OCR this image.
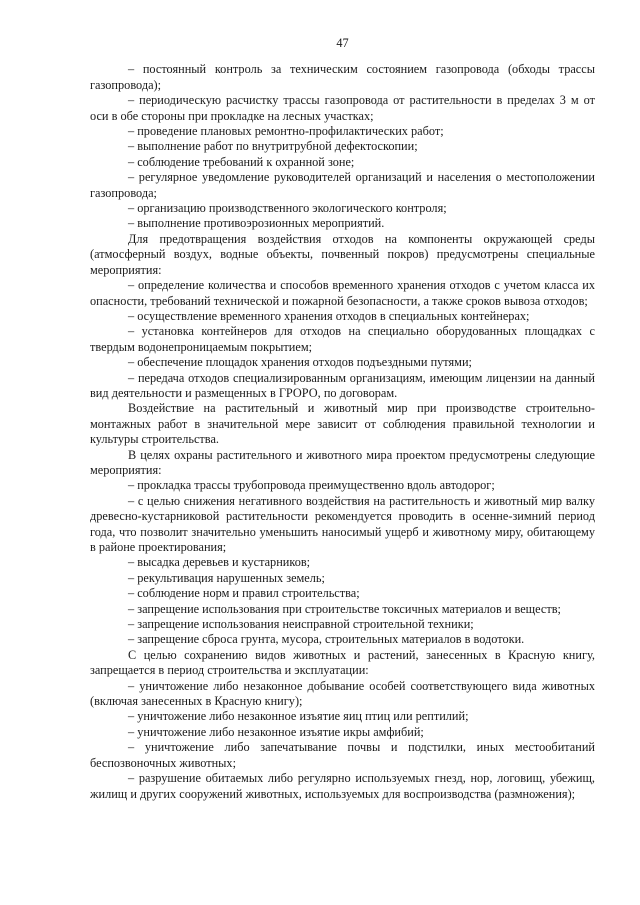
47

– постоянный контроль за техническим состоянием газопровода (обходы трассы газопровода);

– периодическую расчистку трассы газопровода от растительности в пределах 3 м от оси в обе стороны при прокладке на лесных участках;

– проведение плановых ремонтно-профилактических работ;

– выполнение работ по внутритрубной дефектоскопии;

– соблюдение требований к охранной зоне;

– регулярное уведомление руководителей организаций и населения о местоположении газопровода;

– организацию производственного экологического контроля;

– выполнение противоэрозионных мероприятий.

Для предотвращения воздействия отходов на компоненты окружающей среды (атмосферный воздух, водные объекты, почвенный покров) предусмотрены специальные мероприятия:

– определение количества и способов временного хранения отходов с учетом класса их опасности, требований технической и пожарной безопасности, а также сроков вывоза отходов;

– осуществление временного хранения отходов в специальных контейнерах;

– установка контейнеров для отходов на специально оборудованных площадках с твердым водонепроницаемым покрытием;

– обеспечение площадок хранения отходов подъездными путями;

– передача отходов специализированным организациям, имеющим лицензии на данный вид деятельности и размещенных в ГРОРО, по договорам.

Воздействие на растительный и животный мир при производстве строительно-монтажных работ в значительной мере зависит от соблюдения правильной технологии и культуры строительства.

В целях охраны растительного и животного мира проектом предусмотрены следующие мероприятия:

– прокладка трассы трубопровода преимущественно вдоль автодорог;

– с целью снижения негативного воздействия на растительность и животный мир валку древесно-кустарниковой растительности рекомендуется проводить в осенне-зимний период года, что позволит значительно уменьшить наносимый ущерб и животному миру, обитающему в районе проектирования;

– высадка деревьев и кустарников;

– рекультивация нарушенных земель;

– соблюдение норм и правил строительства;

– запрещение использования при строительстве токсичных материалов и веществ;

– запрещение использования неисправной строительной техники;

– запрещение сброса грунта, мусора, строительных материалов в водотоки.

С целью сохранению видов животных и растений, занесенных в Красную книгу, запрещается в период строительства и эксплуатации:

– уничтожение либо незаконное добывание особей соответствующего вида животных (включая занесенных в Красную книгу);

– уничтожение либо незаконное изъятие яиц птиц или рептилий;

– уничтожение либо незаконное изъятие икры амфибий;

– уничтожение либо запечатывание почвы и подстилки, иных местообитаний беспозвоночных животных;

– разрушение обитаемых либо регулярно используемых гнезд, нор, логовищ, убежищ, жилищ и других сооружений животных, используемых для воспроизводства (размножения);
